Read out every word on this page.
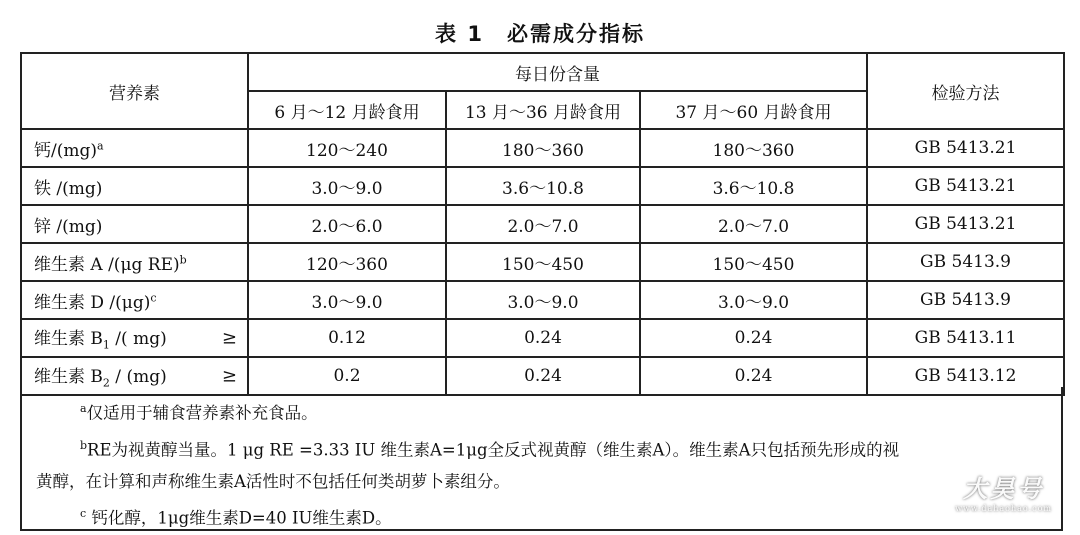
表 1　必需成分指标
营养素	每日份含量			检验方法
	6 月～12 月龄食用	13 月～36 月龄食用	37 月～60 月龄食用	
钙/(mg)$^a$	120～240	180～360	180～360	GB 5413.21
铁 /(mg)	3.0～9.0	3.6～10.8	3.6～10.8	GB 5413.21
锌 /(mg)	2.0～6.0	2.0～7.0	2.0～7.0	GB 5413.21
维生素 A /(μg RE)$^b$	120～360	150～450	150～450	GB 5413.9
维生素 D $/(\mu g)^c$	3.0～9.0	3.0～9.0	3.0～9.0	GB 5413.9
维生素 $B_1$ /( mg) ≥	0.12	0.24	0.24	GB 5413.11
维生素 $B_2 / (mg)$ ≥	0.2	0.24	0.24	GB 5413.12

$^a$仅适用于辅食营养素补充食品。

$^b$RE为视黄醇当量。1 μg RE =3.33 IU 维生素A=1μg全反式视黄醇（维生素A）。维生素A只包括预先形成的视

黄醇，在计算和声称维生素A活性时不包括任何类胡萝卜素组分。

$^c$ 钙化醇，1μg维生素D=40 IU维生素D。

大昊号
www.dahaohao.com
